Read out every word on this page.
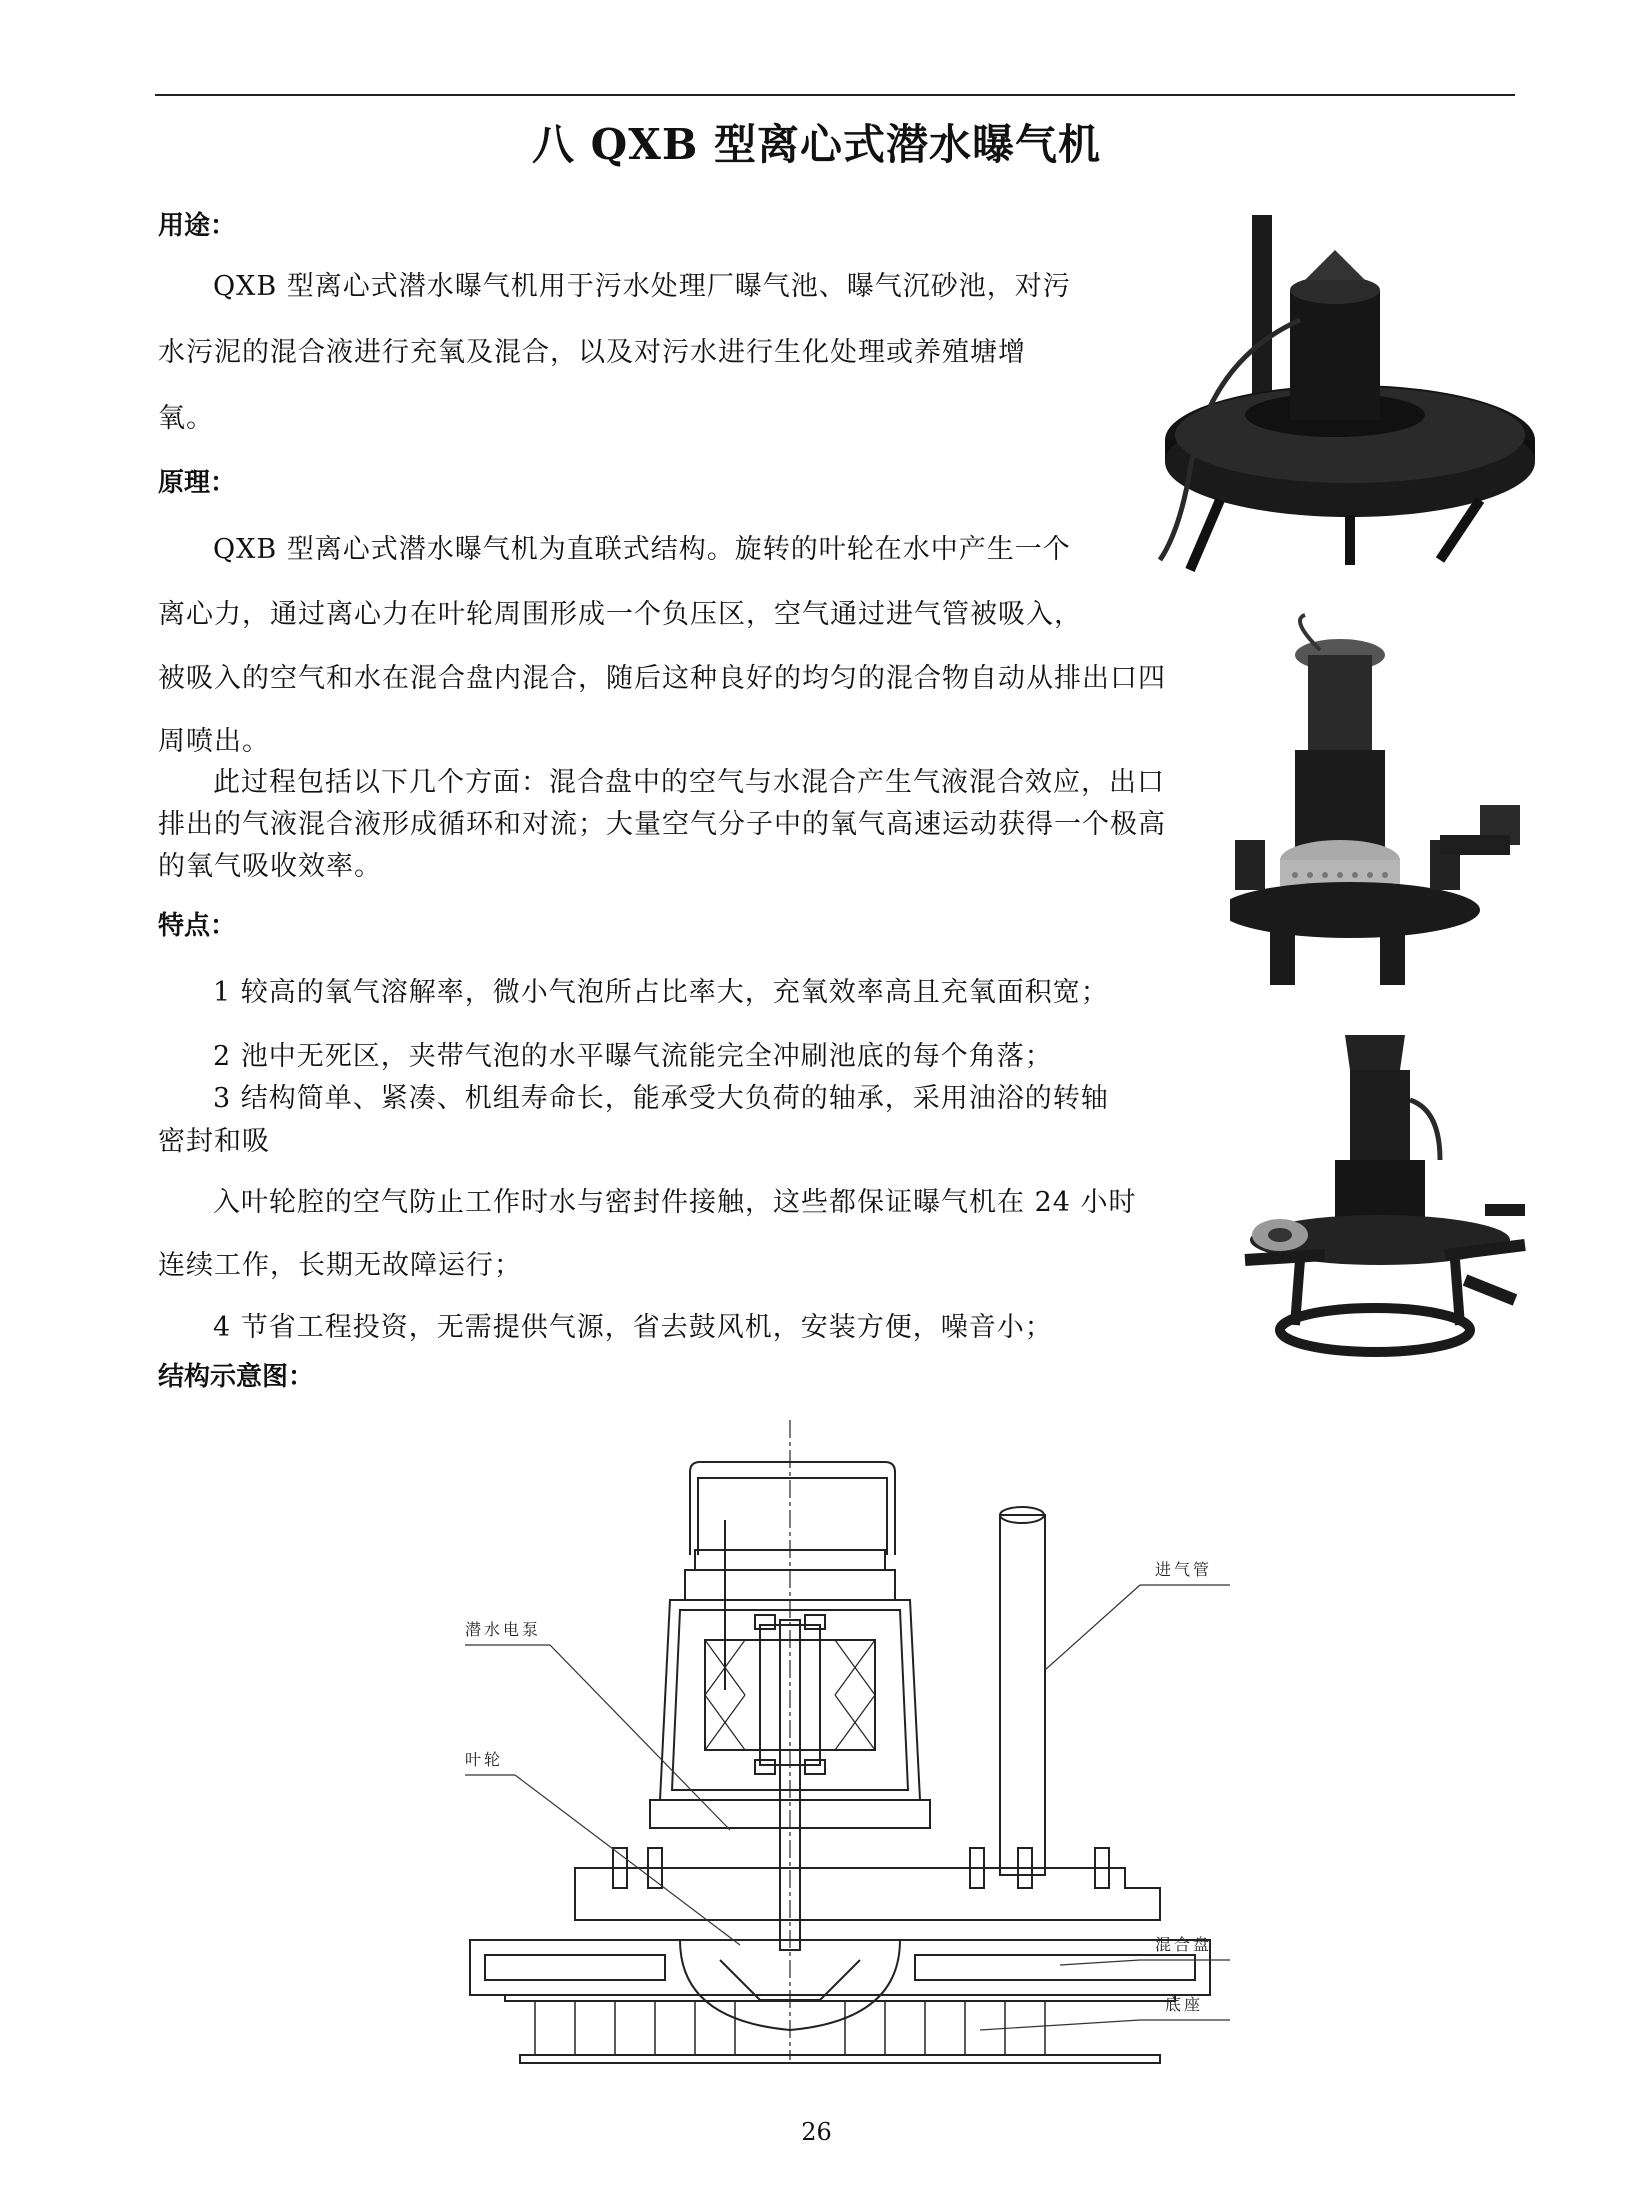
八 QXB 型离心式潜水曝气机
用途：
QXB 型离心式潜水曝气机用于污水处理厂曝气池、曝气沉砂池，对污
水污泥的混合液进行充氧及混合，以及对污水进行生化处理或养殖塘增
氧。
原理：
QXB 型离心式潜水曝气机为直联式结构。旋转的叶轮在水中产生一个
离心力，通过离心力在叶轮周围形成一个负压区，空气通过进气管被吸入，
被吸入的空气和水在混合盘内混合，随后这种良好的均匀的混合物自动从排出口四
周喷出。
此过程包括以下几个方面：混合盘中的空气与水混合产生气液混合效应，出口
排出的气液混合液形成循环和对流；大量空气分子中的氧气高速运动获得一个极高
的氧气吸收效率。
特点：
1 较高的氧气溶解率，微小气泡所占比率大，充氧效率高且充氧面积宽；
2 池中无死区，夹带气泡的水平曝气流能完全冲刷池底的每个角落；
3 结构简单、紧凑、机组寿命长，能承受大负荷的轴承，采用油浴的转轴
密封和吸
入叶轮腔的空气防止工作时水与密封件接触，这些都保证曝气机在 24 小时
连续工作，长期无故障运行；
4 节省工程投资，无需提供气源，省去鼓风机，安装方便，噪音小；
结构示意图：
潜水电泵
叶轮
进气管
混合盘
底座
26
